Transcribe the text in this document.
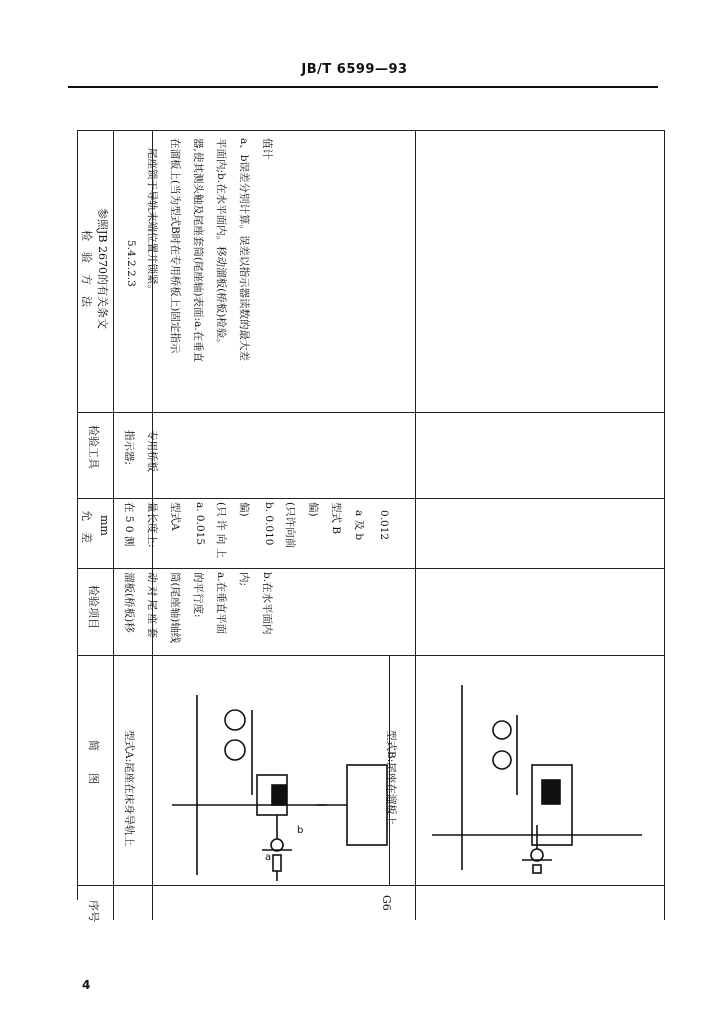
JB/T 6599—93
序号
简　　图
检验项目
允　差 mm
检验工具
检　验　方　法 参照JB 2670的有关条文
G6
溜板(桥板)移 动 对 尾 座 套 筒(尾座轴)轴线 的平行度: a.在垂直平面 内; b.在水平面内
在 5 0 测 量长度上: 型式A a. 0.015 (只 许 向 上 偏) b. 0.010 (只许向前 偏) 型式 B a 及 b 0.012
指示器; 专用桥板
5.4.2.2.3 尾座锁于导轨末端位置并锁紧。 在溜板上(当为型式B时在专用桥板上)固定指示 器,使其测头触及尾座套筒(尾座轴)表面:a.在垂直 平面内;b.在水平面内。移动溜板(桥板)检验。 a、b误差分别计算。误差以指示器读数的最大差 值计
型式A:尾座在床身导轨上	型式B:尾座在溜板上
a
b
4
